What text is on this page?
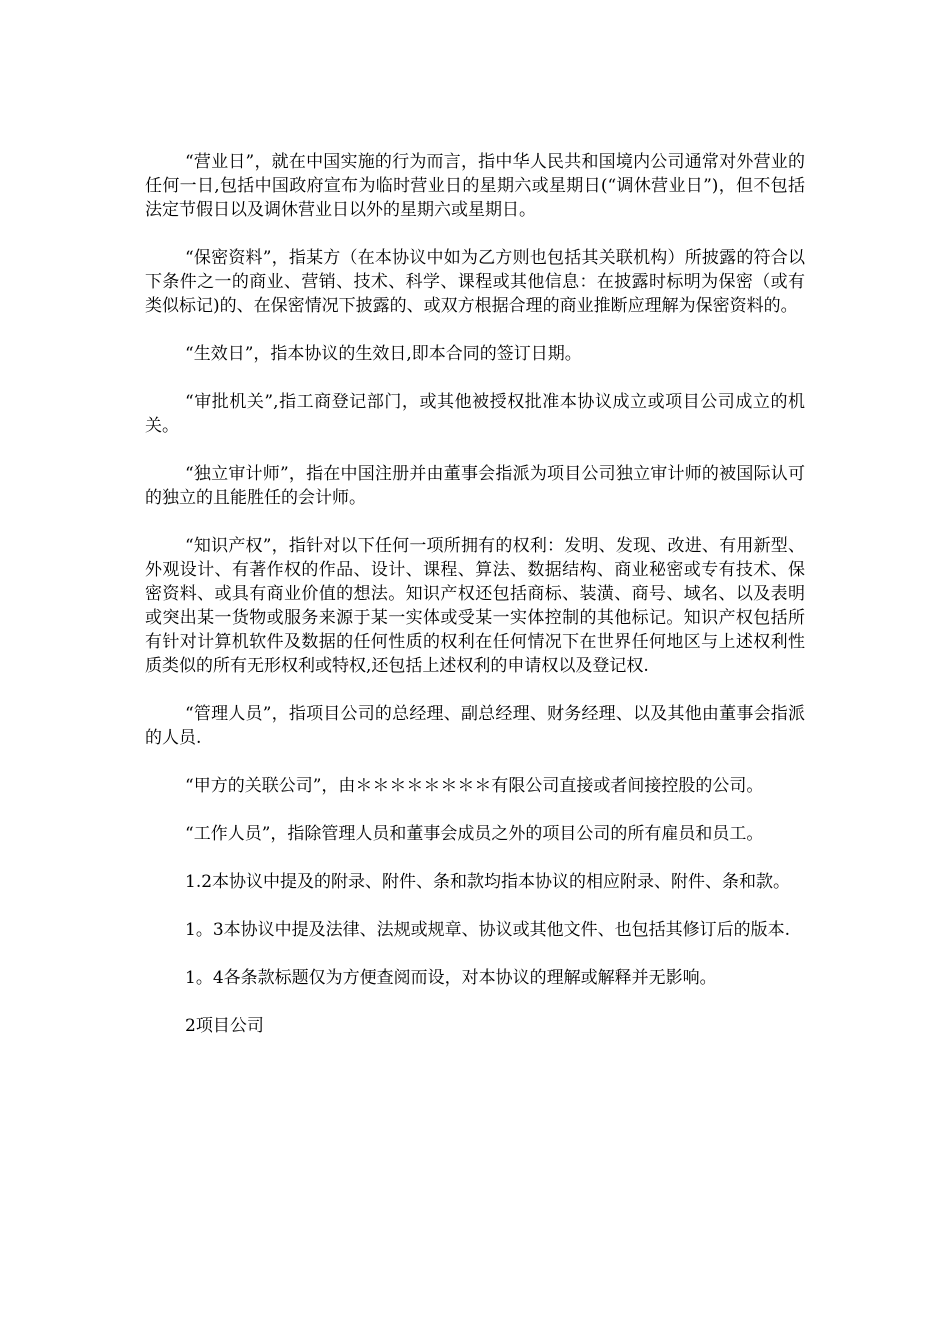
“营业日”，就在中国实施的行为而言，指中华人民共和国境内公司通常对外营业的任何一日,包括中国政府宣布为临时营业日的星期六或星期日(“调休营业日”)，但不包括法定节假日以及调休营业日以外的星期六或星期日。

“保密资料”，指某方（在本协议中如为乙方则也包括其关联机构）所披露的符合以下条件之一的商业、营销、技术、科学、课程或其他信息：在披露时标明为保密（或有类似标记)的、在保密情况下披露的、或双方根据合理的商业推断应理解为保密资料的。

“生效日”，指本协议的生效日,即本合同的签订日期。

“审批机关”,指工商登记部门，或其他被授权批准本协议成立或项目公司成立的机关。

“独立审计师”，指在中国注册并由董事会指派为项目公司独立审计师的被国际认可的独立的且能胜任的会计师。

“知识产权”，指针对以下任何一项所拥有的权利：发明、发现、改进、有用新型、外观设计、有著作权的作品、设计、课程、算法、数据结构、商业秘密或专有技术、保密资料、或具有商业价值的想法。知识产权还包括商标、装潢、商号、域名、以及表明或突出某一货物或服务来源于某一实体或受某一实体控制的其他标记。知识产权包括所有针对计算机软件及数据的任何性质的权利在任何情况下在世界任何地区与上述权利性质类似的所有无形权利或特权,还包括上述权利的申请权以及登记权.

“管理人员”，指项目公司的总经理、副总经理、财务经理、以及其他由董事会指派的人员.

“甲方的关联公司”，由＊＊＊＊＊＊＊＊有限公司直接或者间接控股的公司。

“工作人员”，指除管理人员和董事会成员之外的项目公司的所有雇员和员工。

1.2本协议中提及的附录、附件、条和款均指本协议的相应附录、附件、条和款。

1。3本协议中提及法律、法规或规章、协议或其他文件、也包括其修订后的版本.

1。4各条款标题仅为方便查阅而设，对本协议的理解或解释并无影响。

2项目公司
